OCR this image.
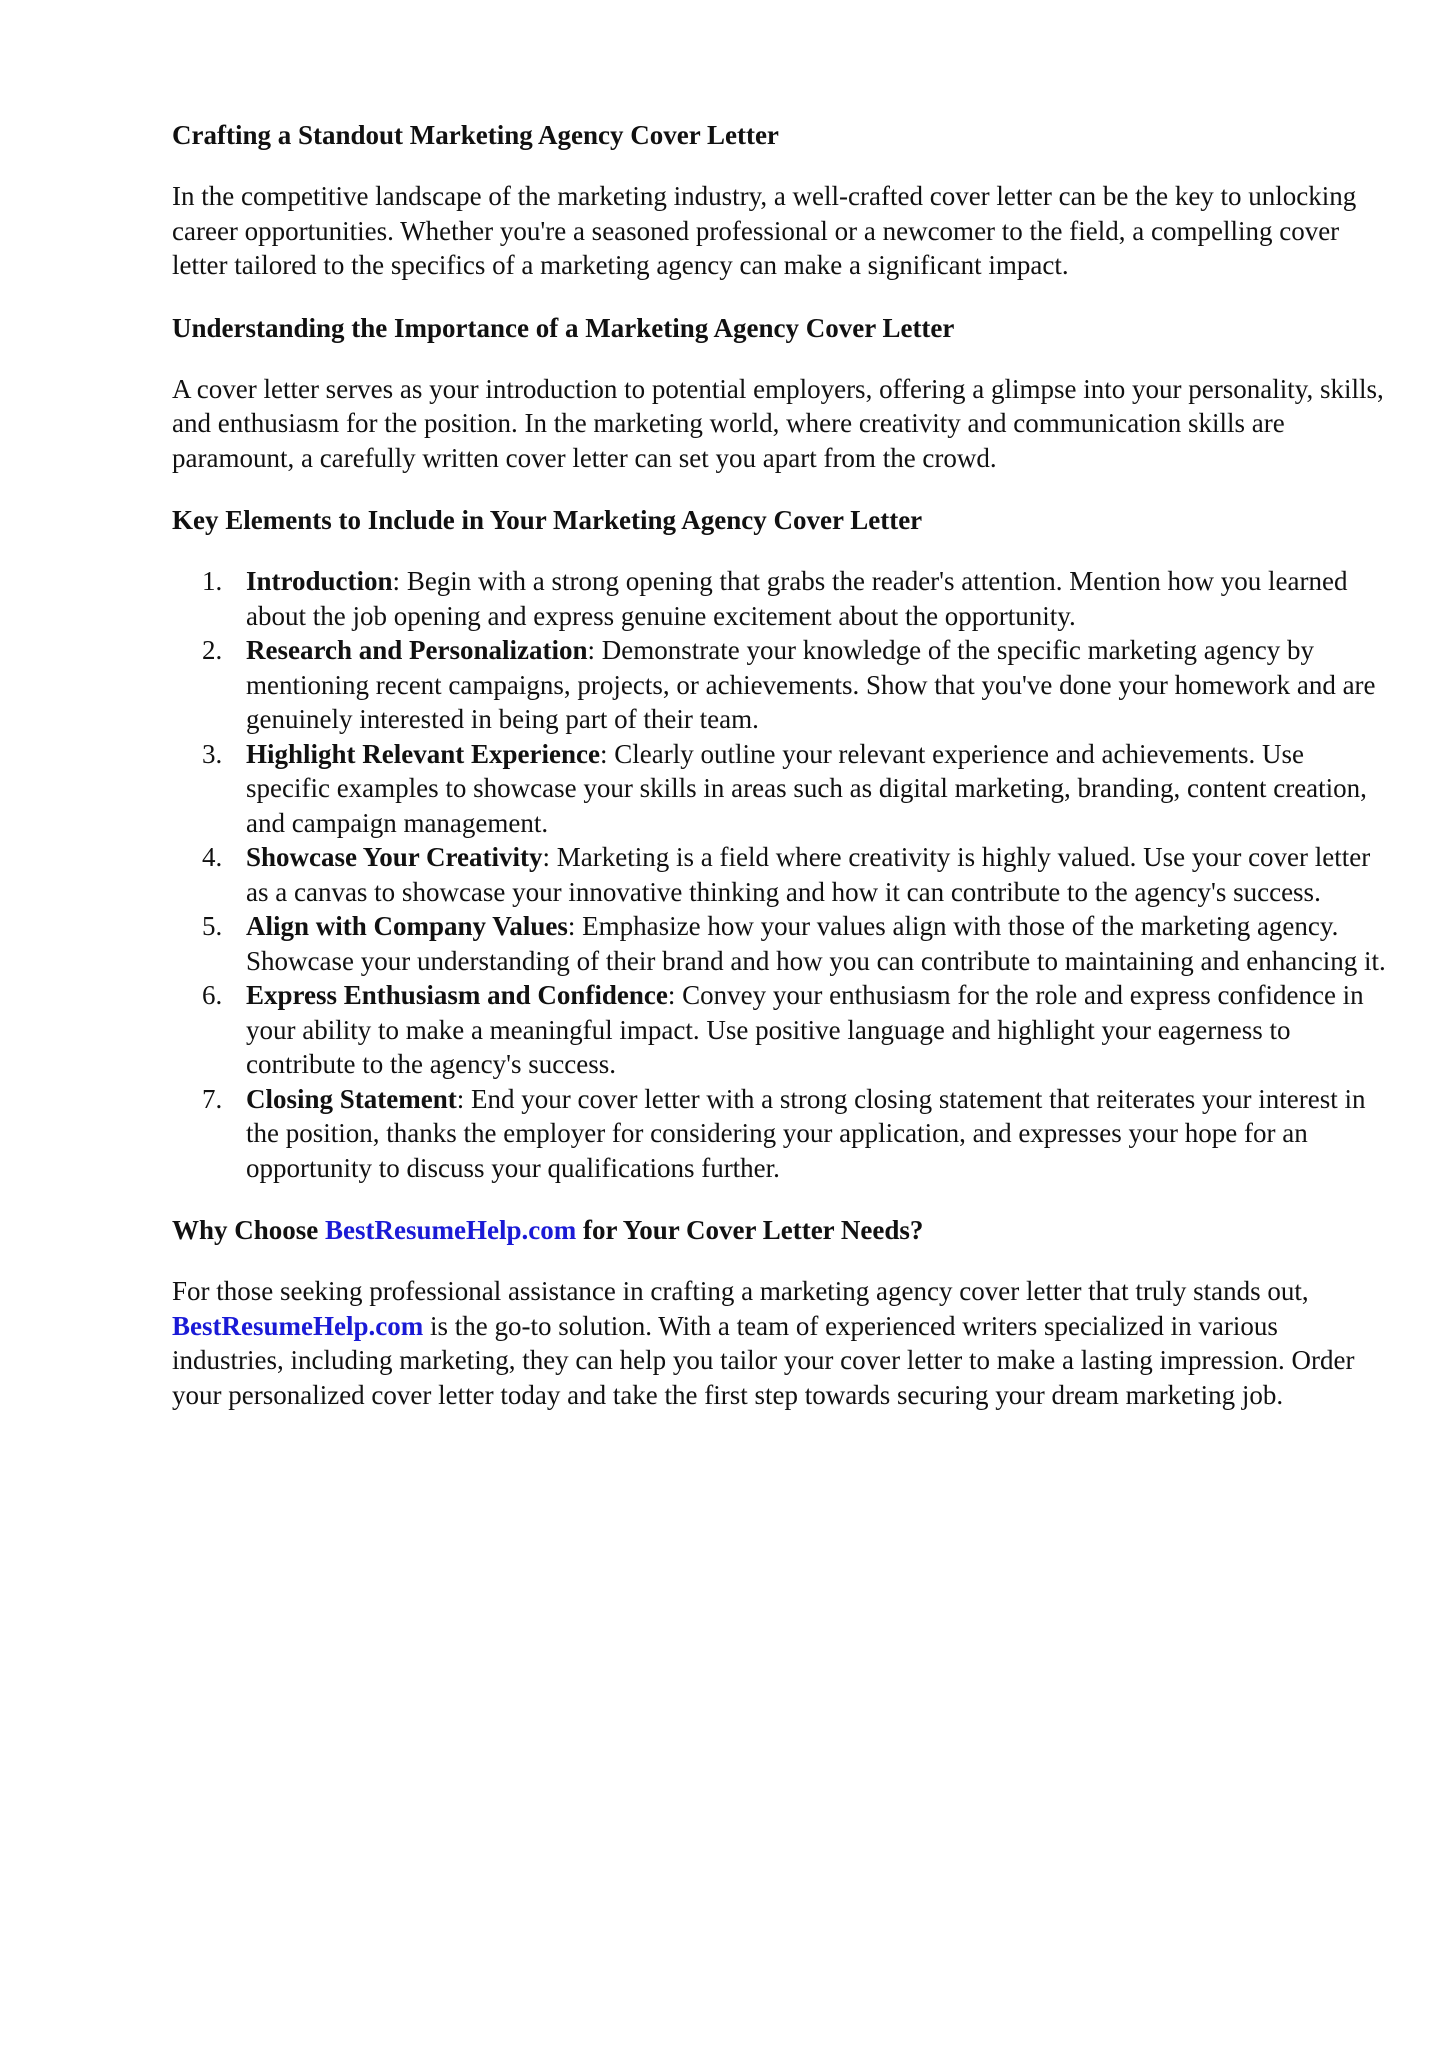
Crafting a Standout Marketing Agency Cover Letter

In the competitive landscape of the marketing industry, a well-crafted cover letter can be the key to unlocking career opportunities. Whether you're a seasoned professional or a newcomer to the field, a compelling cover letter tailored to the specifics of a marketing agency can make a significant impact.

Understanding the Importance of a Marketing Agency Cover Letter

A cover letter serves as your introduction to potential employers, offering a glimpse into your personality, skills, and enthusiasm for the position. In the marketing world, where creativity and communication skills are paramount, a carefully written cover letter can set you apart from the crowd.

Key Elements to Include in Your Marketing Agency Cover Letter
1. Introduction: Begin with a strong opening that grabs the reader's attention. Mention how you learned about the job opening and express genuine excitement about the opportunity.
2. Research and Personalization: Demonstrate your knowledge of the specific marketing agency by mentioning recent campaigns, projects, or achievements. Show that you've done your homework and are genuinely interested in being part of their team.
3. Highlight Relevant Experience: Clearly outline your relevant experience and achievements. Use specific examples to showcase your skills in areas such as digital marketing, branding, content creation, and campaign management.
4. Showcase Your Creativity: Marketing is a field where creativity is highly valued. Use your cover letter as a canvas to showcase your innovative thinking and how it can contribute to the agency's success.
5. Align with Company Values: Emphasize how your values align with those of the marketing agency. Showcase your understanding of their brand and how you can contribute to maintaining and enhancing it.
6. Express Enthusiasm and Confidence: Convey your enthusiasm for the role and express confidence in your ability to make a meaningful impact. Use positive language and highlight your eagerness to contribute to the agency's success.
7. Closing Statement: End your cover letter with a strong closing statement that reiterates your interest in the position, thanks the employer for considering your application, and expresses your hope for an opportunity to discuss your qualifications further.
Why Choose BestResumeHelp.com for Your Cover Letter Needs?

For those seeking professional assistance in crafting a marketing agency cover letter that truly stands out, BestResumeHelp.com is the go-to solution. With a team of experienced writers specialized in various industries, including marketing, they can help you tailor your cover letter to make a lasting impression. Order your personalized cover letter today and take the first step towards securing your dream marketing job.
